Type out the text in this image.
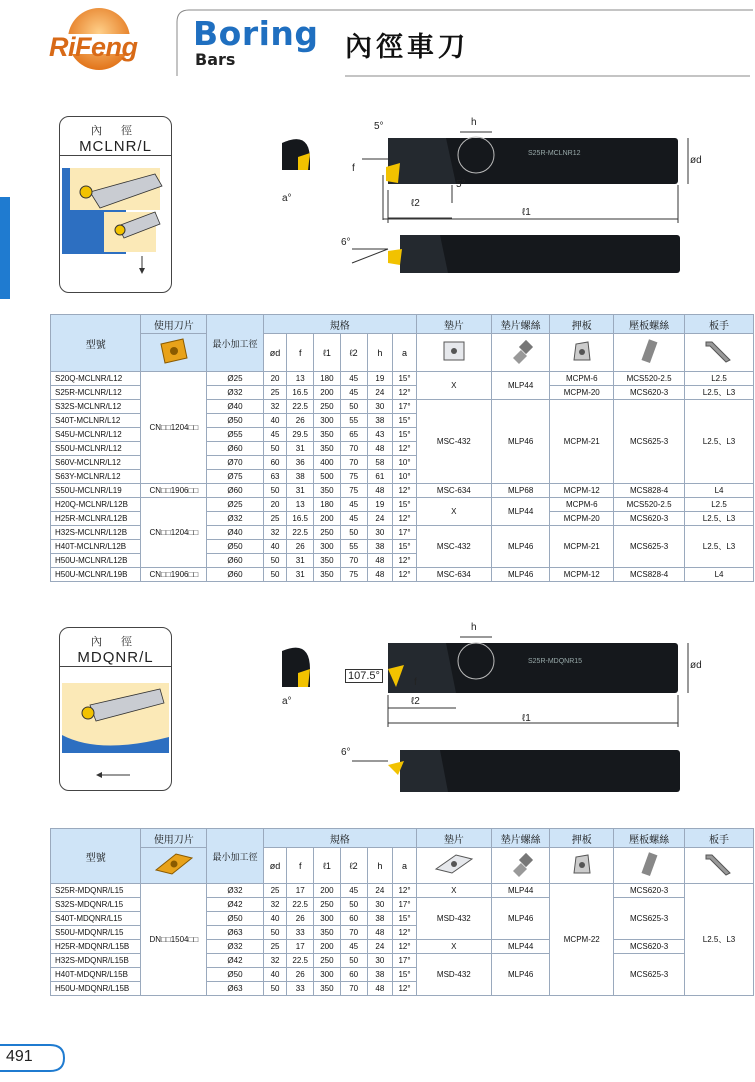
RiFeng Boring
Bars	內徑車刀
內 徑
MCLNR/L
5°	h
S25R-MCLNR12
ød
f
5°
a°	ℓ2
ℓ1
6°
型號	使用刀片	最小加工徑	規格						墊片	墊片螺絲	押板	壓板螺絲	板手
	ød	f	ℓ1	ℓ2	h	a					
S20Q-MCLNR/L12	CN□□1204□□	Ø25	20	13	180	45	19	15°	X	MLP44	MCPM-6	MCS520-2.5	L2.5
S25R-MCLNR/L12		Ø32	25	16.5	200	45	24	12°			MCPM-20	MCS620-3	L2.5、L3
S32S-MCLNR/L12		Ø40	32	22.5	250	50	30	17°	MSC-432	MLP46	MCPM-21	MCS625-3	L2.5、L3
S40T-MCLNR/L12		Ø50	40	26	300	55	38	15°					
S45U-MCLNR/L12		Ø55	45	29.5	350	65	43	15°					
S50U-MCLNR/L12		Ø60	50	31	350	70	48	12°					
S60V-MCLNR/L12		Ø70	60	36	400	70	58	10°					
S63Y-MCLNR/L12		Ø75	63	38	500	75	61	10°					
S50U-MCLNR/L19	CN□□1906□□	Ø60	50	31	350	75	48	12°	MSC-634	MLP68	MCPM-12	MCS828-4	L4
H20Q-MCLNR/L12B	CN□□1204□□	Ø25	20	13	180	45	19	15°	X	MLP44	MCPM-6	MCS520-2.5	L2.5
H25R-MCLNR/L12B		Ø32	25	16.5	200	45	24	12°			MCPM-20	MCS620-3	L2.5、L3
H32S-MCLNR/L12B		Ø40	32	22.5	250	50	30	17°	MSC-432	MLP46	MCPM-21	MCS625-3	L2.5、L3
H40T-MCLNR/L12B		Ø50	40	26	300	55	38	15°					
H50U-MCLNR/L12B		Ø60	50	31	350	70	48	12°					
H50U-MCLNR/L19B	CN□□1906□□	Ø60	50	31	350	75	48	12°	MSC-634	MLP46	MCPM-12	MCS828-4	L4
內 徑
MDQNR/L
h
107.5°
S25R-MDQNR15	ød
f
a°	ℓ2
ℓ1
6°
型號	使用刀片	最小加工徑	規格						墊片	墊片螺絲	押板	壓板螺絲	板手
	ød	f	ℓ1	ℓ2	h	a					
S25R-MDQNR/L15	DN□□1504□□	Ø32	25	17	200	45	24	12°	X	MLP44	MCPM-22	MCS620-3	L2.5、L3
S32S-MDQNR/L15		Ø42	32	22.5	250	50	30	17°	MSD-432	MLP46		MCS625-3	
S40T-MDQNR/L15		Ø50	40	26	300	60	38	15°					
S50U-MDQNR/L15		Ø63	50	33	350	70	48	12°					
H25R-MDQNR/L15B		Ø32	25	17	200	45	24	12°	X	MLP44		MCS620-3	
H32S-MDQNR/L15B		Ø42	32	22.5	250	50	30	17°	MSD-432	MLP46		MCS625-3	
H40T-MDQNR/L15B		Ø50	40	26	300	60	38	15°					
H50U-MDQNR/L15B		Ø63	50	33	350	70	48	12°					
491
